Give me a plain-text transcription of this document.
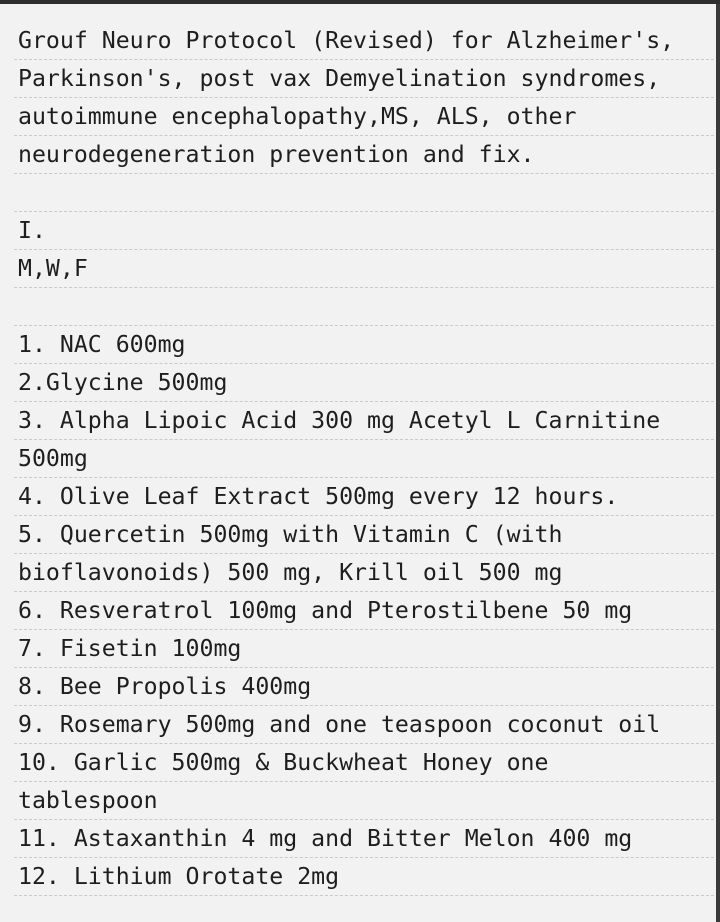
Grouf Neuro Protocol (Revised) for Alzheimer's,
Parkinson's, post vax Demyelination syndromes,
autoimmune encephalopathy,MS, ALS, other
neurodegeneration prevention and fix.
I.
M,W,F
1. NAC 600mg
2.Glycine 500mg
3. Alpha Lipoic Acid 300 mg Acetyl L Carnitine
500mg
4. Olive Leaf Extract 500mg every 12 hours.
5. Quercetin 500mg with Vitamin C (with
bioflavonoids) 500 mg, Krill oil 500 mg
6. Resveratrol 100mg and Pterostilbene 50 mg
7. Fisetin 100mg
8. Bee Propolis 400mg
9. Rosemary 500mg and one teaspoon coconut oil
10. Garlic 500mg & Buckwheat Honey one
tablespoon
11. Astaxanthin 4 mg and Bitter Melon 400 mg
12. Lithium Orotate 2mg
